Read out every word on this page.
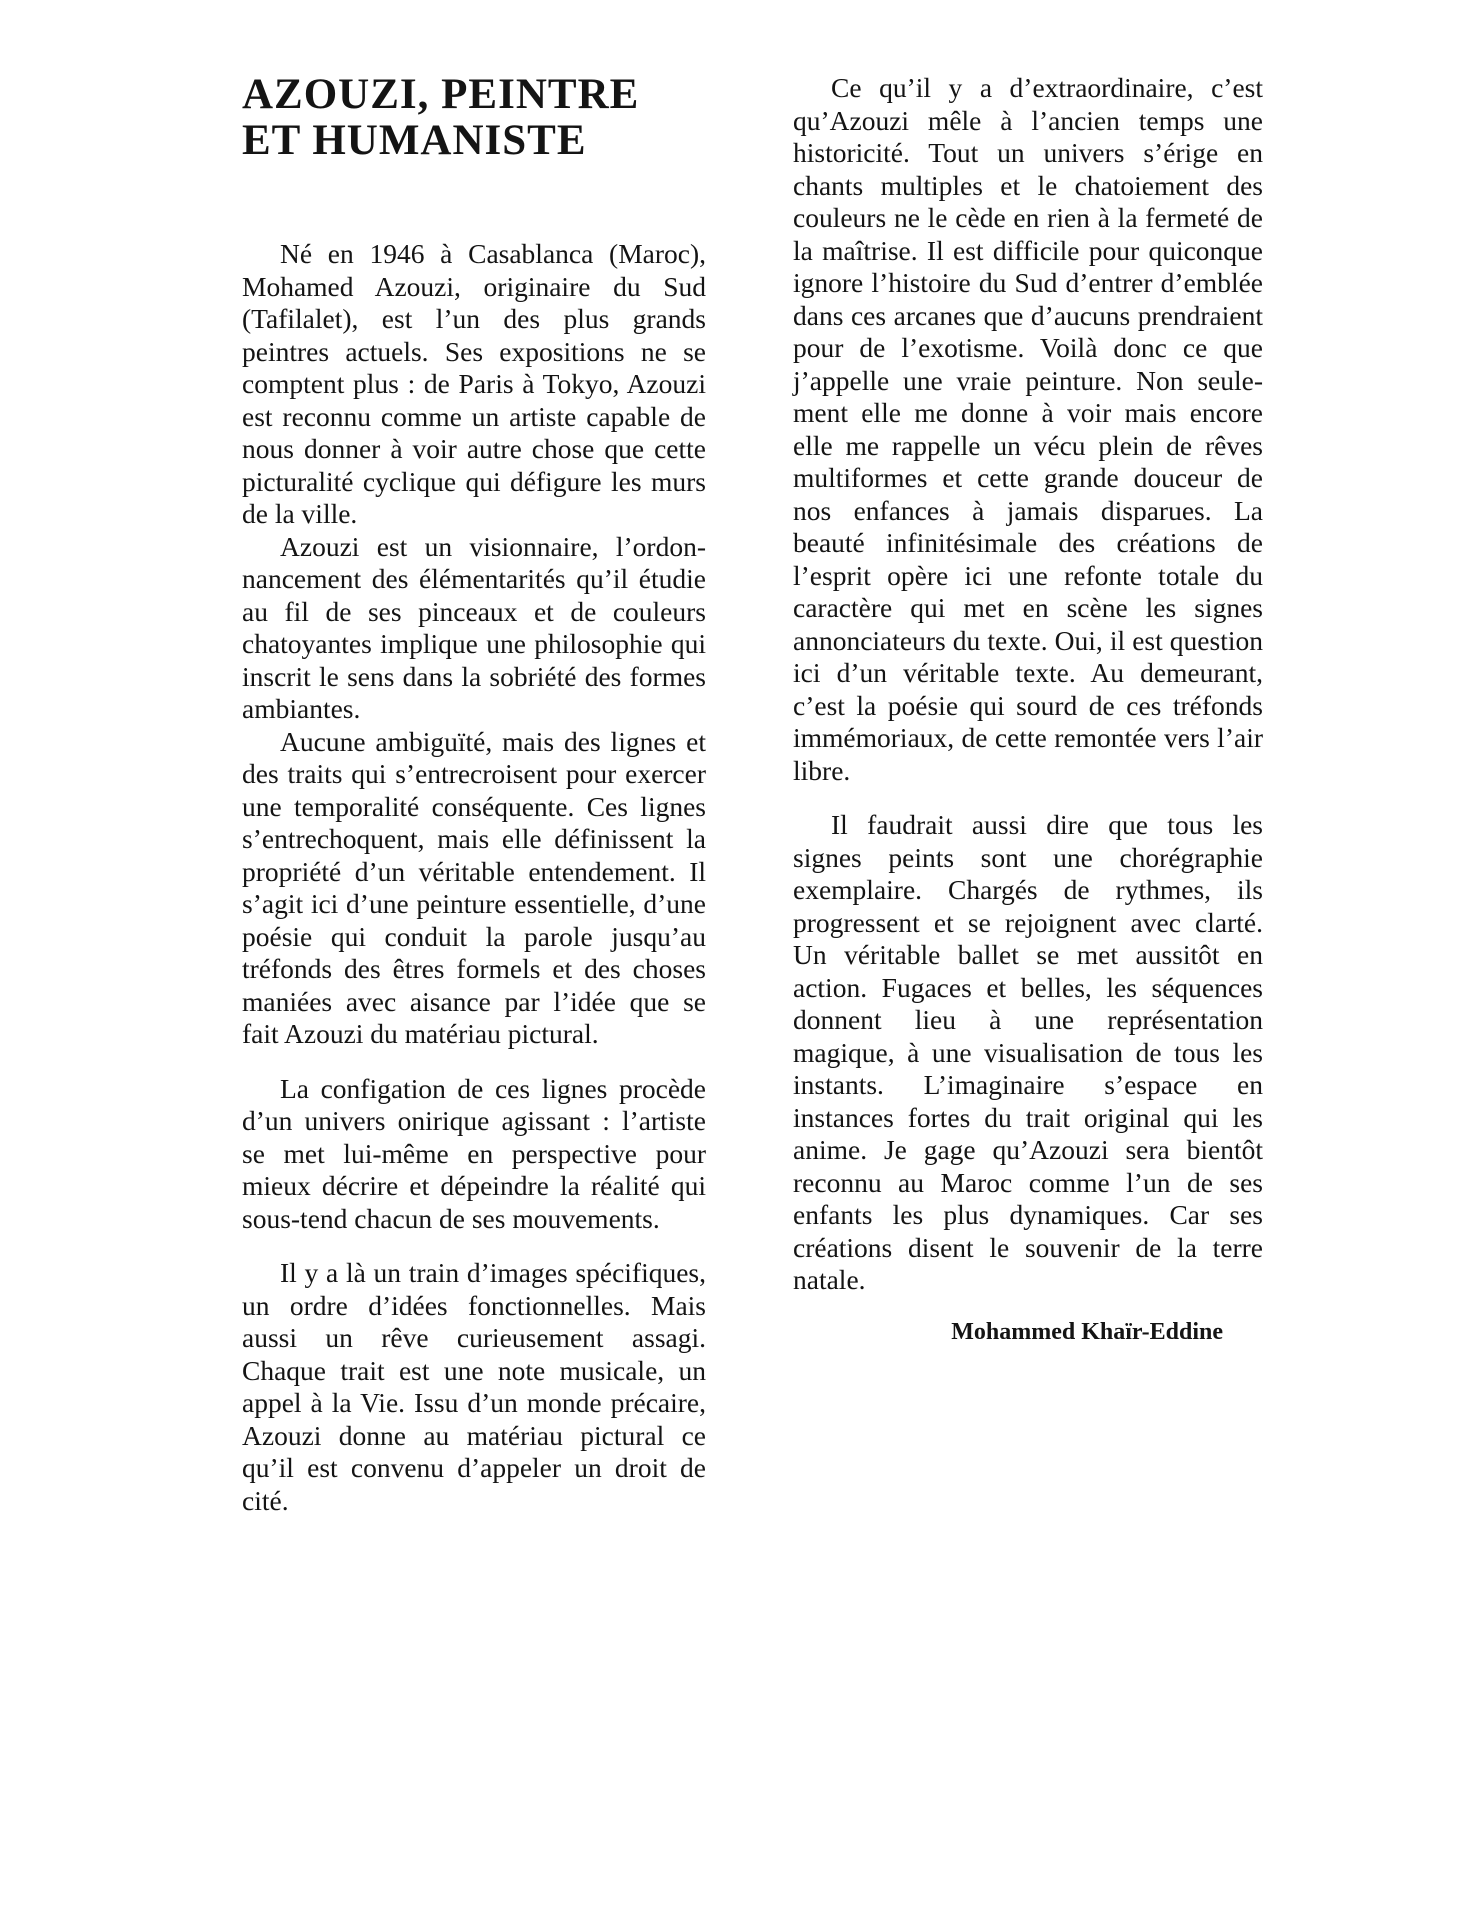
AZOUZI, PEINTRE
ET HUMANISTE

Né en 1946 à Casablanca (Maroc), Mohamed Azouzi, originaire du Sud (Tafilalet), est l’un des plus grands peintres actuels. Ses expositions ne se comptent plus : de Paris à Tokyo, Azouzi est reconnu comme un artiste capable de nous donner à voir autre chose que cette picturalité cyclique qui défigure les murs de la ville.

Azouzi est un visionnaire, l’ordonnancement des élémentarités qu’il étudie au fil de ses pinceaux et de couleurs chatoyantes implique une philosophie qui inscrit le sens dans la sobriété des formes ambiantes.

Aucune ambiguïté, mais des lignes et des traits qui s’entrecroisent pour exercer une temporalité conséquente. Ces lignes s’entrechoquent, mais elle définissent la propriété d’un véritable entendement. Il s’agit ici d’une peinture essentielle, d’une poésie qui conduit la parole jusqu’au tréfonds des êtres formels et des choses maniées avec aisance par l’idée que se fait Azouzi du matériau pictural.

La configation de ces lignes procède d’un univers onirique agissant : l’artiste se met lui-même en perspective pour mieux décrire et dépeindre la réalité qui sous-tend chacun de ses mouvements.

Il y a là un train d’images spécifiques, un ordre d’idées fonctionnelles. Mais aussi un rêve curieusement assagi. Chaque trait est une note musicale, un appel à la Vie. Issu d’un monde précaire, Azouzi donne au matériau pictural ce qu’il est convenu d’appeler un droit de cité.

Ce qu’il y a d’extraordinaire, c’est qu’Azouzi mêle à l’ancien temps une historicité. Tout un univers s’érige en chants multiples et le chatoiement des couleurs ne le cède en rien à la fermeté de la maîtrise. Il est difficile pour quiconque ignore l’histoire du Sud d’entrer d’emblée dans ces arcanes que d’aucuns prendraient pour de l’exotisme. Voilà donc ce que j’appelle une vraie peinture. Non seulement elle me donne à voir mais encore elle me rappelle un vécu plein de rêves multiformes et cette grande douceur de nos enfances à jamais disparues. La beauté infinitésimale des créations de l’esprit opère ici une refonte totale du caractère qui met en scène les signes annonciateurs du texte. Oui, il est question ici d’un véritable texte. Au demeurant, c’est la poésie qui sourd de ces tréfonds immémoriaux, de cette remontée vers l’air libre.

Il faudrait aussi dire que tous les signes peints sont une chorégraphie exemplaire. Chargés de rythmes, ils progressent et se rejoignent avec clarté. Un véritable ballet se met aussitôt en action. Fugaces et belles, les séquences donnent lieu à une représentation magique, à une visualisation de tous les instants. L’imaginaire s’espace en instances fortes du trait original qui les anime. Je gage qu’Azouzi sera bientôt reconnu au Maroc comme l’un de ses enfants les plus dynamiques. Car ses créations disent le souvenir de la terre natale.

Mohammed Khaïr-Eddine
